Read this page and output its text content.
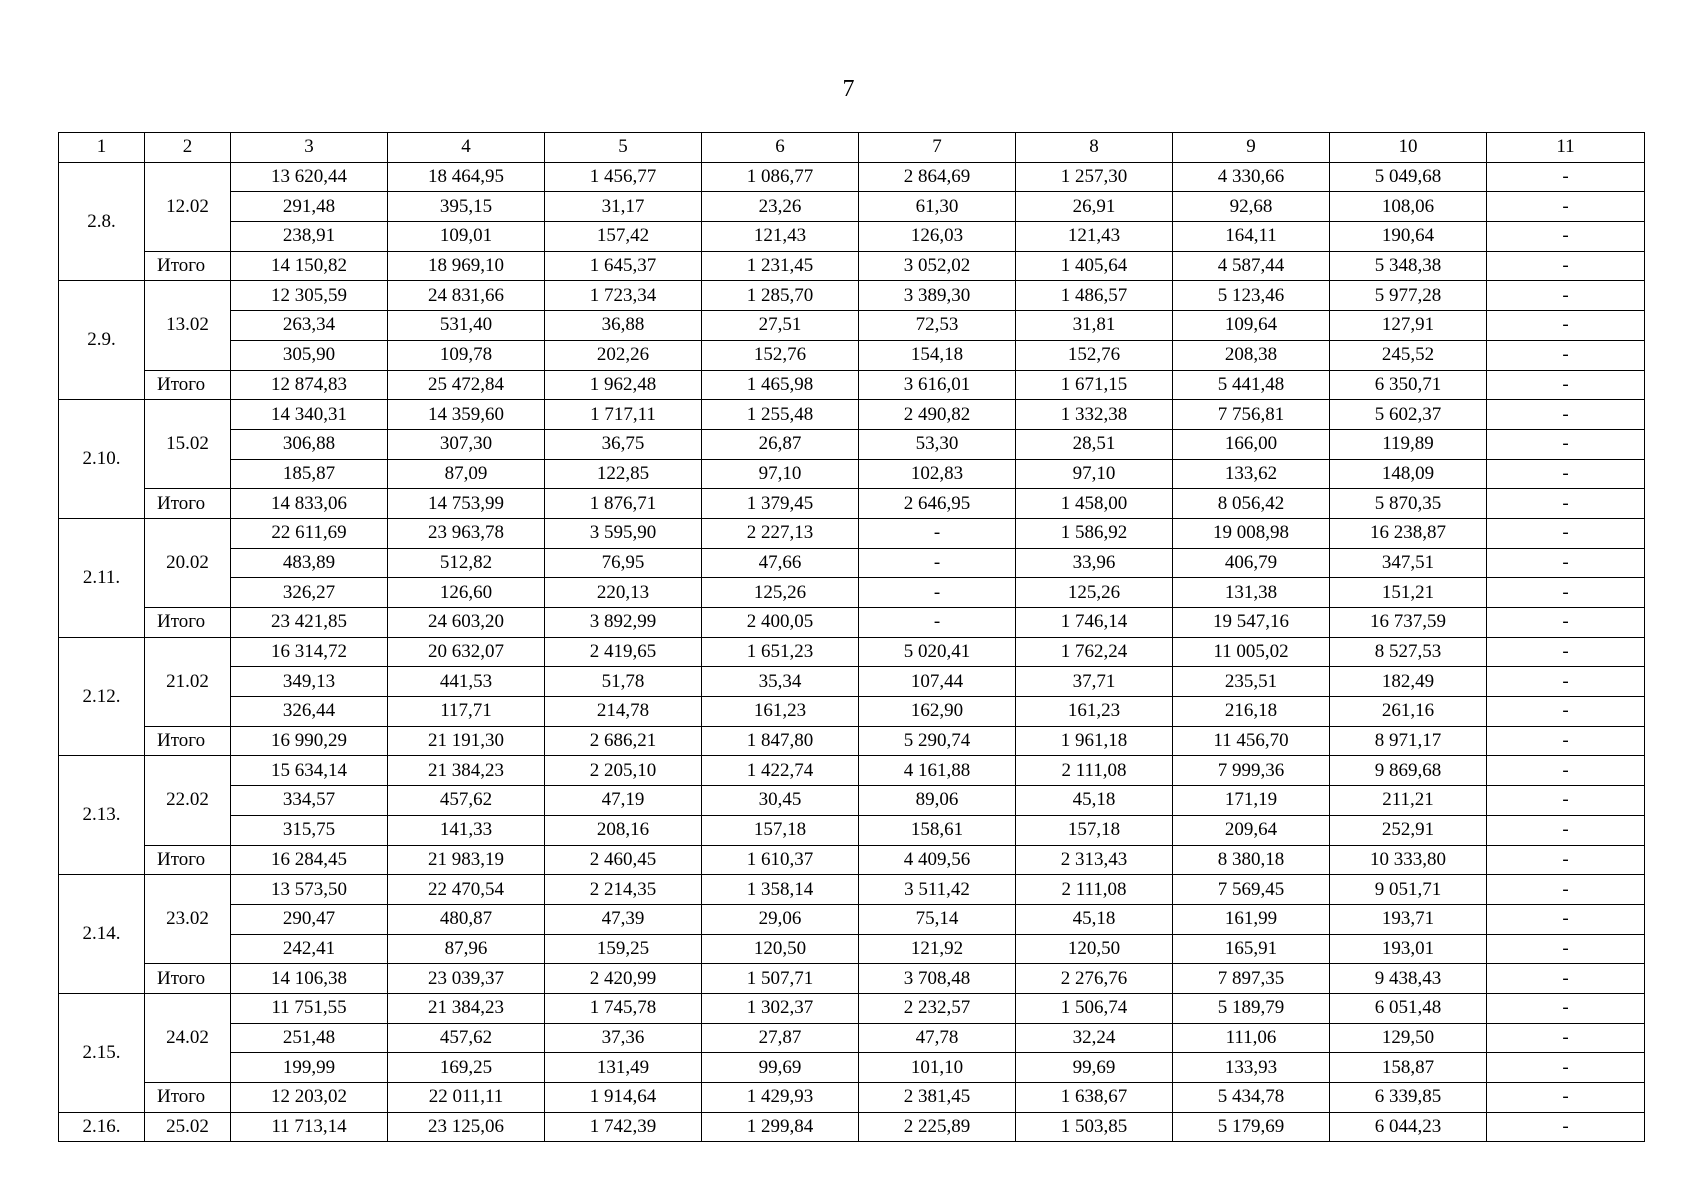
7
1	2	3	4	5	6	7	8	9	10	11
2.8.	12.02	13 620,44	18 464,95	1 456,77	1 086,77	2 864,69	1 257,30	4 330,66	5 049,68	-
		291,48	395,15	31,17	23,26	61,30	26,91	92,68	108,06	-
		238,91	109,01	157,42	121,43	126,03	121,43	164,11	190,64	-
	Итого	14 150,82	18 969,10	1 645,37	1 231,45	3 052,02	1 405,64	4 587,44	5 348,38	-
2.9.	13.02	12 305,59	24 831,66	1 723,34	1 285,70	3 389,30	1 486,57	5 123,46	5 977,28	-
		263,34	531,40	36,88	27,51	72,53	31,81	109,64	127,91	-
		305,90	109,78	202,26	152,76	154,18	152,76	208,38	245,52	-
	Итого	12 874,83	25 472,84	1 962,48	1 465,98	3 616,01	1 671,15	5 441,48	6 350,71	-
2.10.	15.02	14 340,31	14 359,60	1 717,11	1 255,48	2 490,82	1 332,38	7 756,81	5 602,37	-
		306,88	307,30	36,75	26,87	53,30	28,51	166,00	119,89	-
		185,87	87,09	122,85	97,10	102,83	97,10	133,62	148,09	-
	Итого	14 833,06	14 753,99	1 876,71	1 379,45	2 646,95	1 458,00	8 056,42	5 870,35	-
2.11.	20.02	22 611,69	23 963,78	3 595,90	2 227,13	-	1 586,92	19 008,98	16 238,87	-
		483,89	512,82	76,95	47,66	-	33,96	406,79	347,51	-
		326,27	126,60	220,13	125,26	-	125,26	131,38	151,21	-
	Итого	23 421,85	24 603,20	3 892,99	2 400,05	-	1 746,14	19 547,16	16 737,59	-
2.12.	21.02	16 314,72	20 632,07	2 419,65	1 651,23	5 020,41	1 762,24	11 005,02	8 527,53	-
		349,13	441,53	51,78	35,34	107,44	37,71	235,51	182,49	-
		326,44	117,71	214,78	161,23	162,90	161,23	216,18	261,16	-
	Итого	16 990,29	21 191,30	2 686,21	1 847,80	5 290,74	1 961,18	11 456,70	8 971,17	-
2.13.	22.02	15 634,14	21 384,23	2 205,10	1 422,74	4 161,88	2 111,08	7 999,36	9 869,68	-
		334,57	457,62	47,19	30,45	89,06	45,18	171,19	211,21	-
		315,75	141,33	208,16	157,18	158,61	157,18	209,64	252,91	-
	Итого	16 284,45	21 983,19	2 460,45	1 610,37	4 409,56	2 313,43	8 380,18	10 333,80	-
2.14.	23.02	13 573,50	22 470,54	2 214,35	1 358,14	3 511,42	2 111,08	7 569,45	9 051,71	-
		290,47	480,87	47,39	29,06	75,14	45,18	161,99	193,71	-
		242,41	87,96	159,25	120,50	121,92	120,50	165,91	193,01	-
	Итого	14 106,38	23 039,37	2 420,99	1 507,71	3 708,48	2 276,76	7 897,35	9 438,43	-
2.15.	24.02	11 751,55	21 384,23	1 745,78	1 302,37	2 232,57	1 506,74	5 189,79	6 051,48	-
		251,48	457,62	37,36	27,87	47,78	32,24	111,06	129,50	-
		199,99	169,25	131,49	99,69	101,10	99,69	133,93	158,87	-
	Итого	12 203,02	22 011,11	1 914,64	1 429,93	2 381,45	1 638,67	5 434,78	6 339,85	-
2.16.	25.02	11 713,14	23 125,06	1 742,39	1 299,84	2 225,89	1 503,85	5 179,69	6 044,23	-
